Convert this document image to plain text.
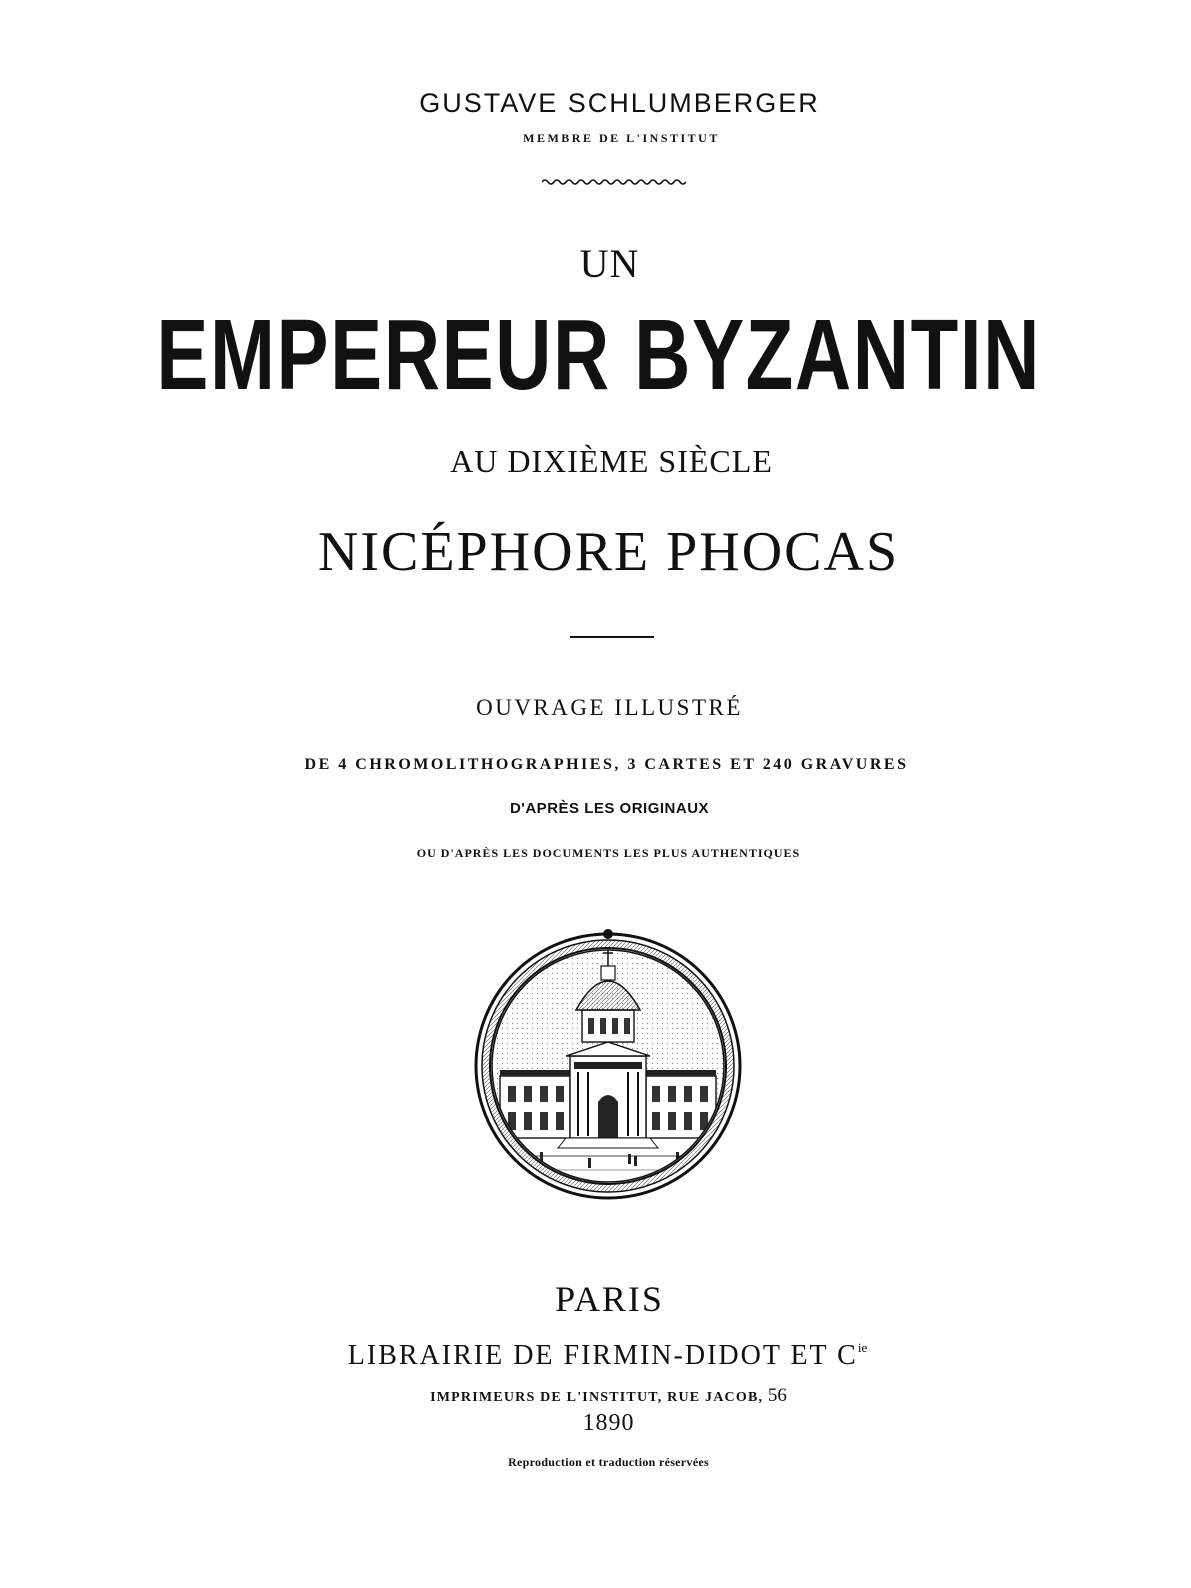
GUSTAVE SCHLUMBERGER
MEMBRE DE L'INSTITUT
UN
EMPEREUR BYZANTIN
AU DIXIÈME SIÈCLE
NICÉPHORE PHOCAS
OUVRAGE ILLUSTRÉ
DE 4 CHROMOLITHOGRAPHIES, 3 CARTES ET 240 GRAVURES
D'APRÈS LES ORIGINAUX
OU D'APRÈS LES DOCUMENTS LES PLUS AUTHENTIQUES
PARIS
LIBRAIRIE DE FIRMIN-DIDOT ET $C^{ie}$
IMPRIMEURS DE L'INSTITUT, RUE JACOB, 56
1890
Reproduction et traduction réservées
